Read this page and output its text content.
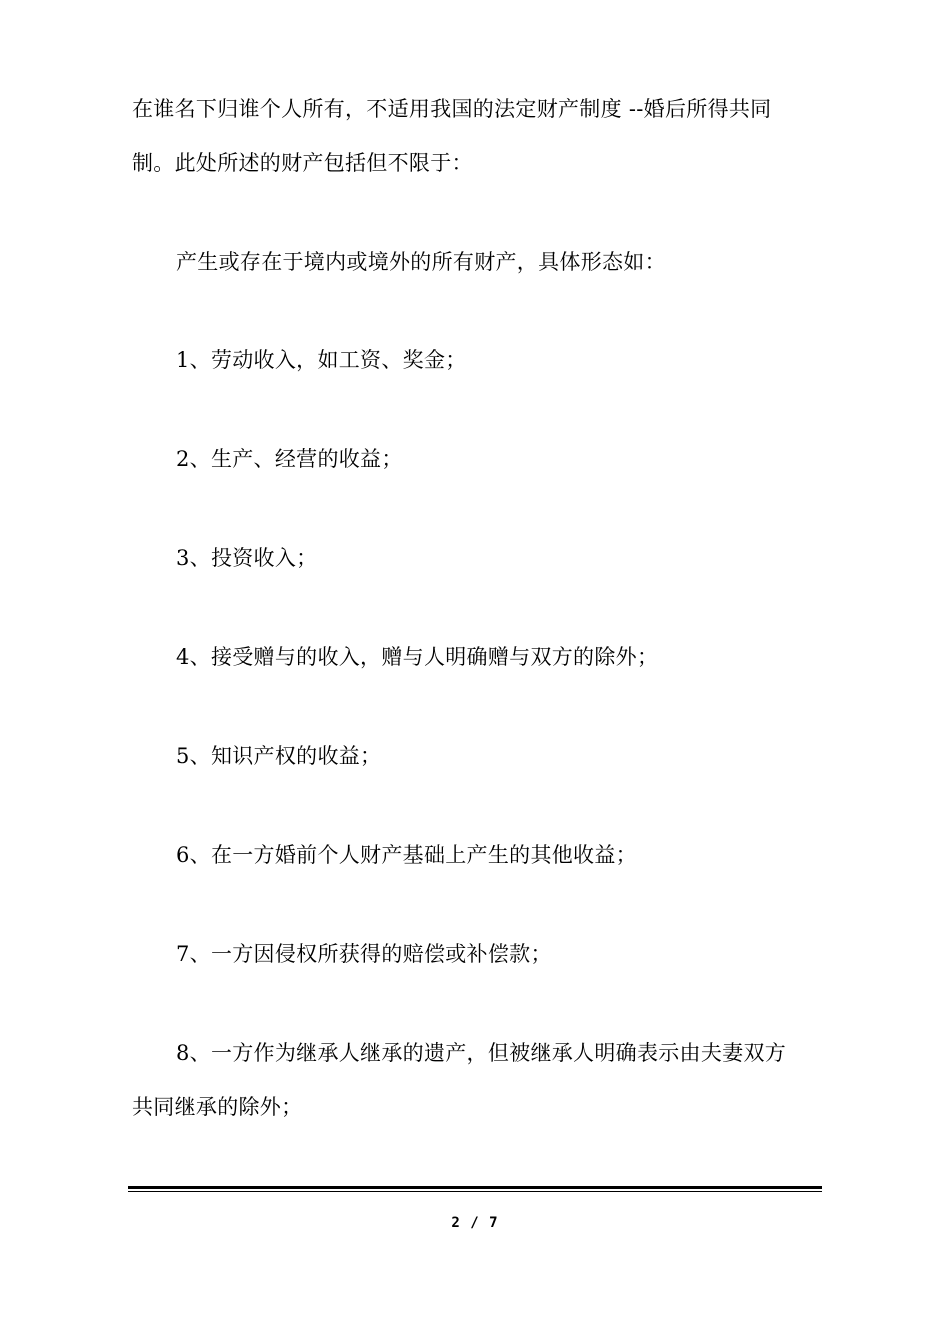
在谁名下归谁个人所有，不适用我国的法定财产制度 --婚后所得共同
制。此处所述的财产包括但不限于：
产生或存在于境内或境外的所有财产，具体形态如：
1、劳动收入，如工资、奖金；
2、生产、经营的收益；
3、投资收入；
4、接受赠与的收入，赠与人明确赠与双方的除外；
5、知识产权的收益；
6、在一方婚前个人财产基础上产生的其他收益；
7、一方因侵权所获得的赔偿或补偿款；
8、一方作为继承人继承的遗产，但被继承人明确表示由夫妻双方
共同继承的除外；
2 / 7
